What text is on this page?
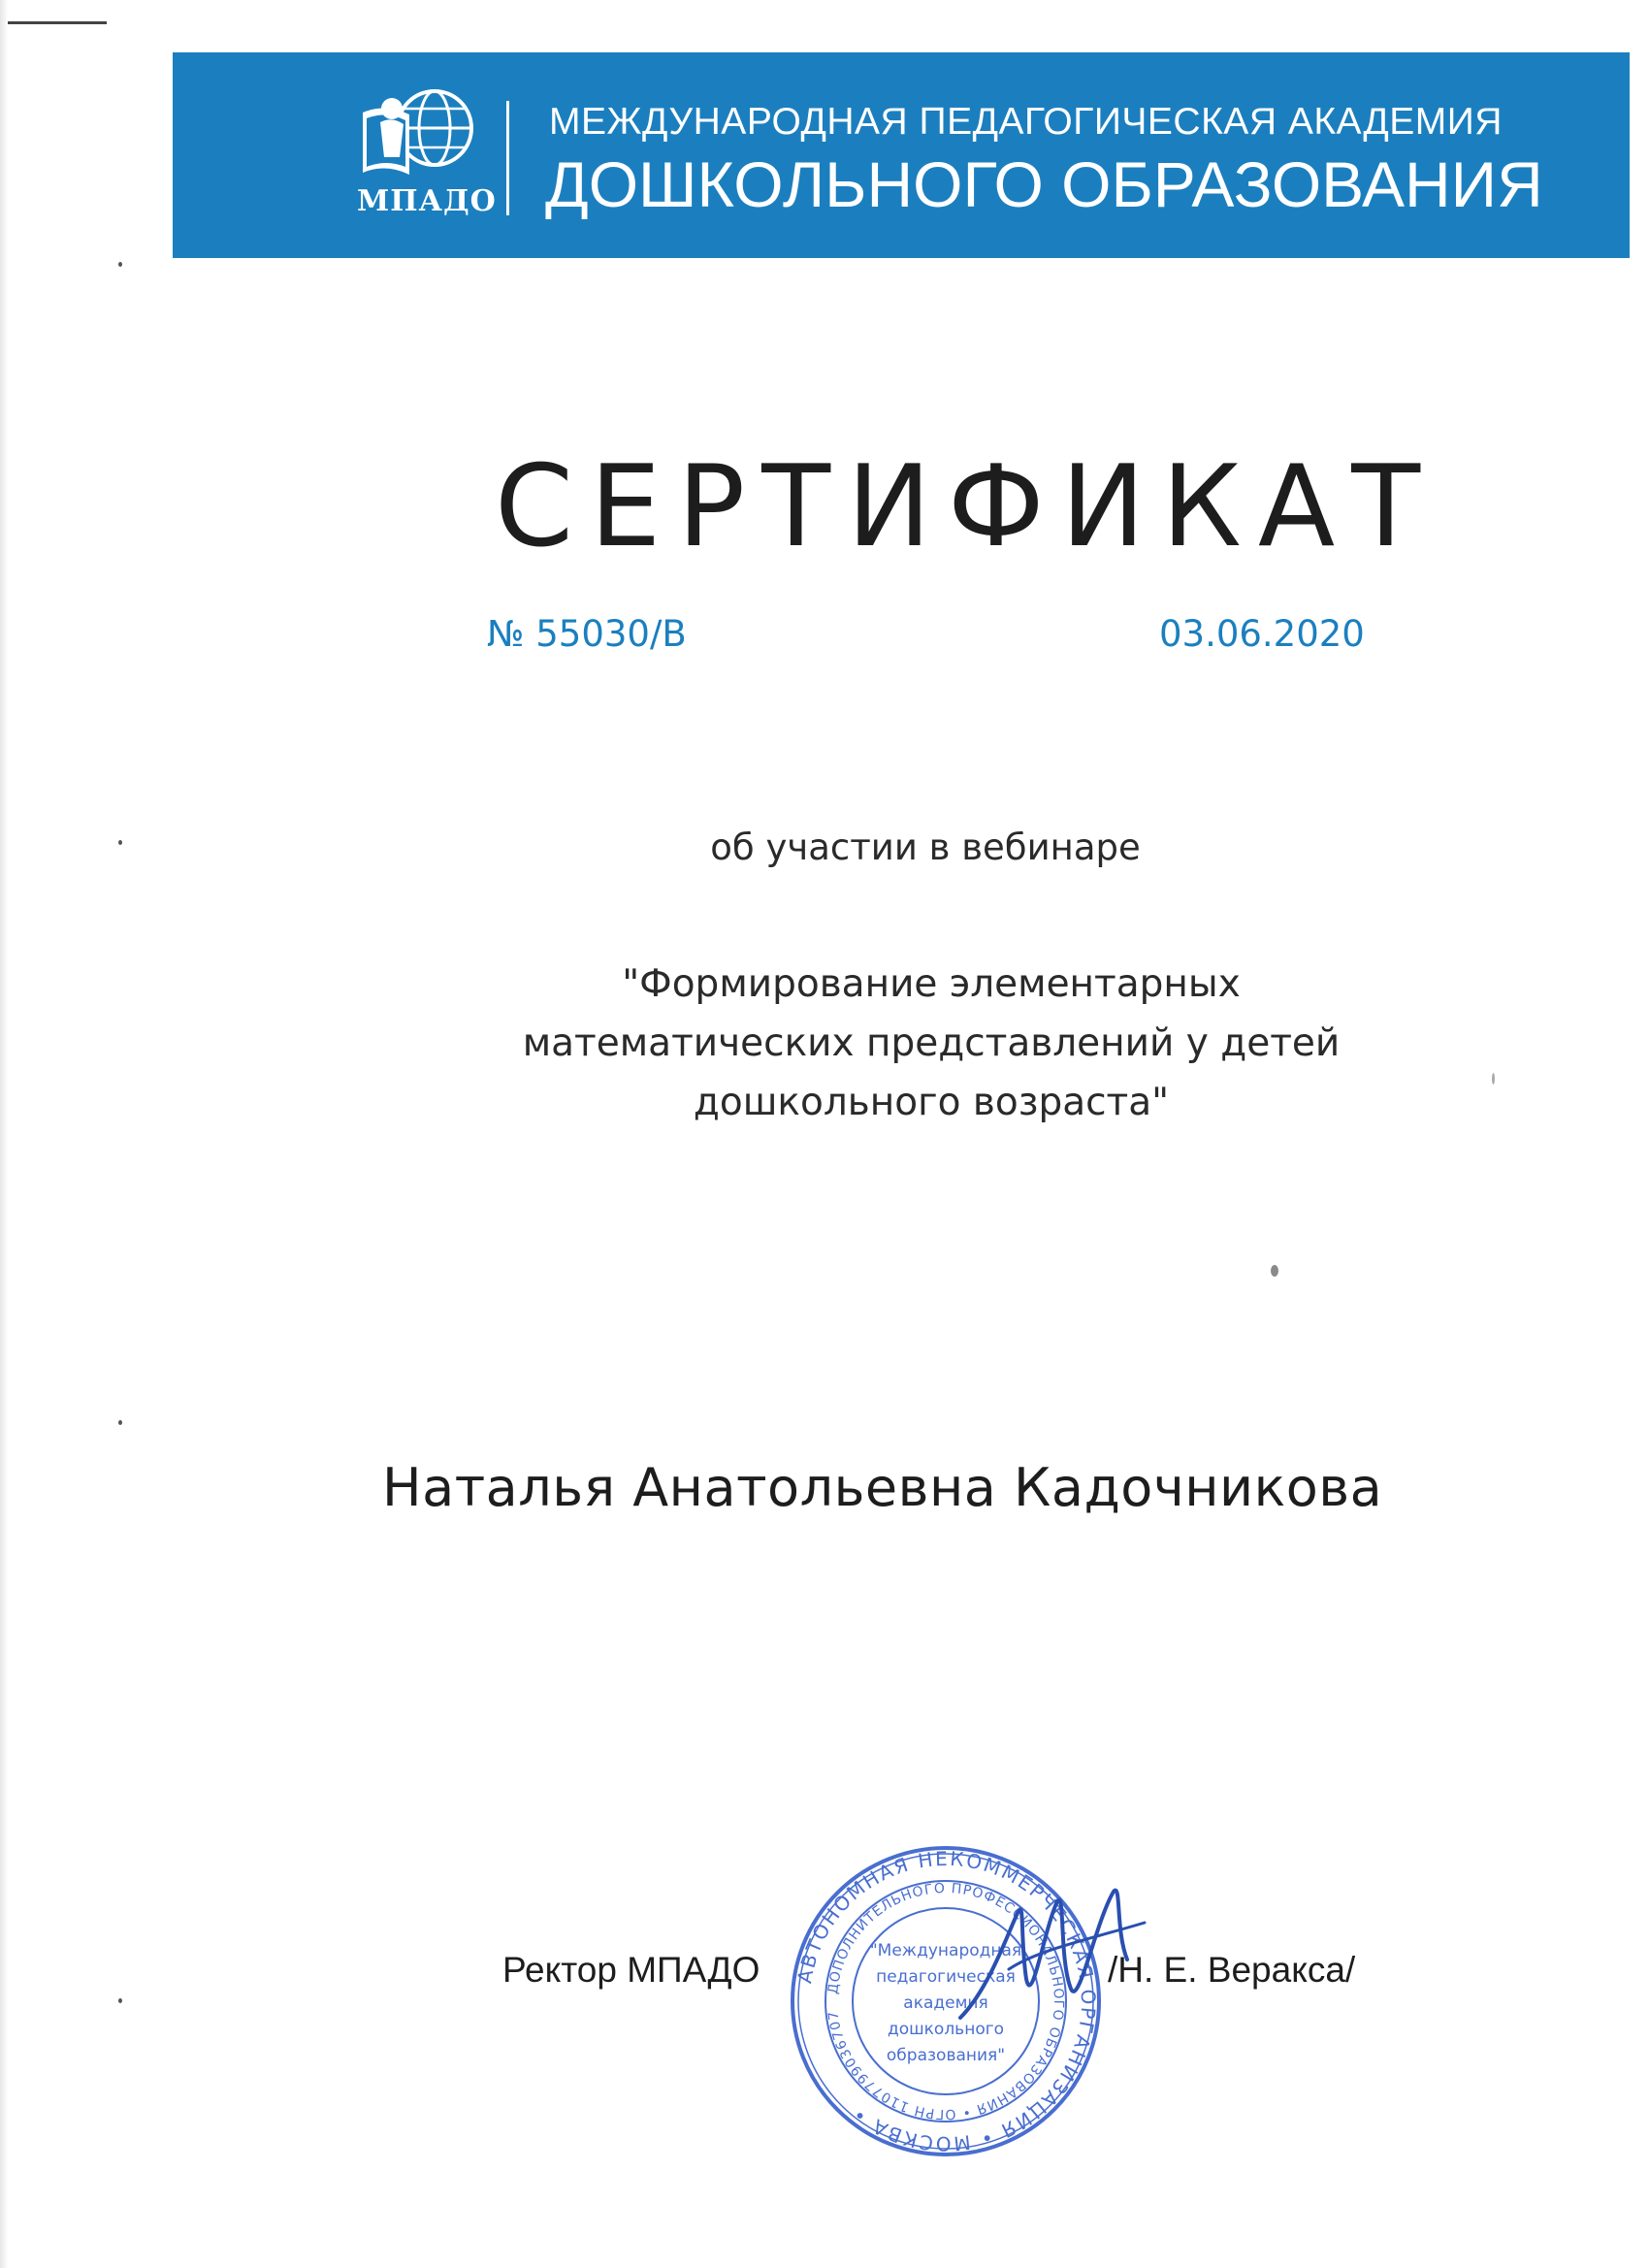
МПАДО
МЕЖДУНАРОДНАЯ ПЕДАГОГИЧЕСКАЯ АКАДЕМИЯ
ДОШКОЛЬНОГО ОБРАЗОВАНИЯ
СЕРТИФИКАТ
№ 55030/В	03.06.2020
об участии в вебинаре
"Формирование элементарных
математических представлений у детей
дошкольного возраста"
Наталья Анатольевна Кадочникова
Ректор МПАДО АВТОНОМНАЯ НЕКОММЕРЧЕСКАЯ ОРГАНИЗАЦИЯ • МОСКВА •
ДОПОЛНИТЕЛЬНОГО ПРОФЕССИОНАЛЬНОГО ОБРАЗОВАНИЯ • ОГРН 1107799036707
"Международная
педагогическая
академия
дошкольного
образования"
/Н. Е. Веракса/
